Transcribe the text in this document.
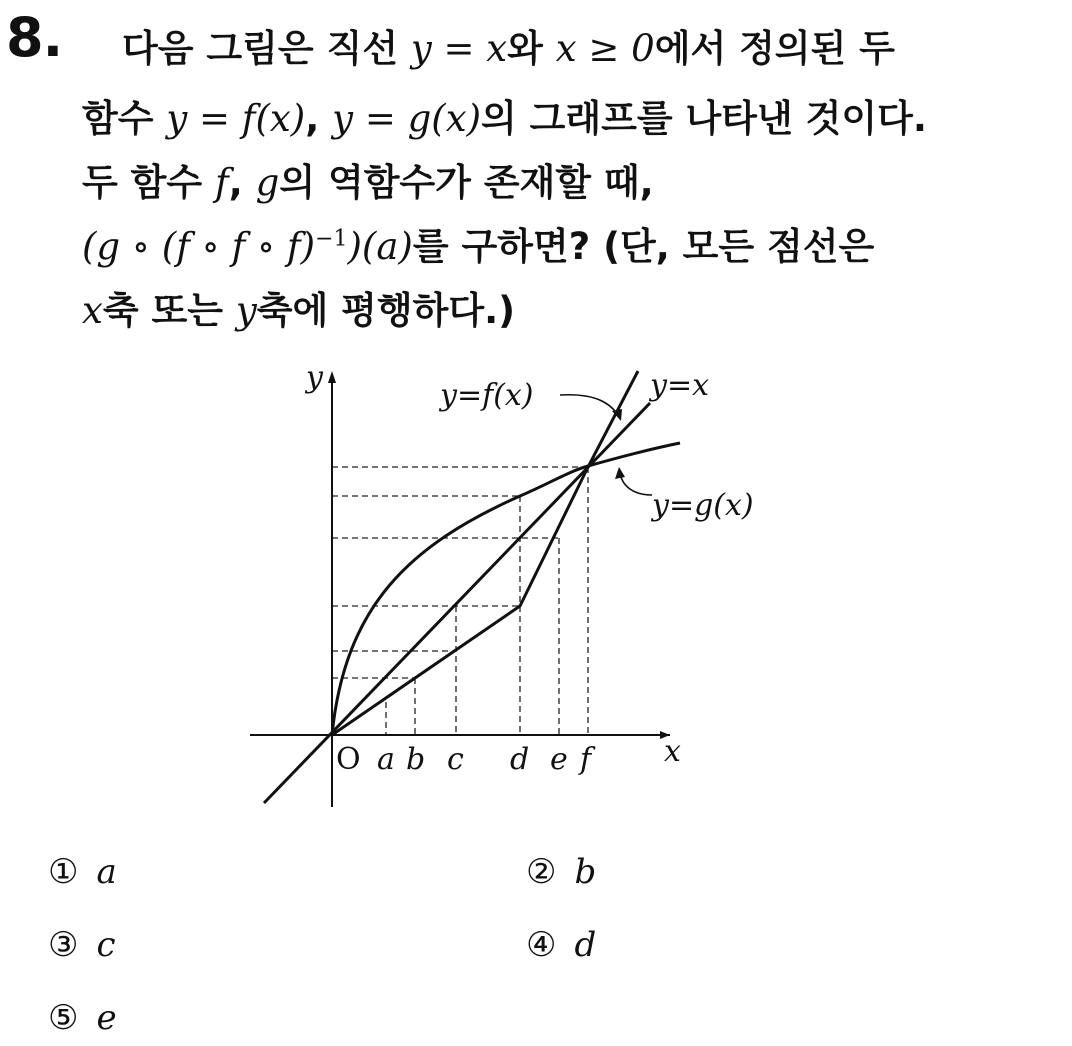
8. 다음 그림은 직선 y = x와 x ≥ 0에서 정의된 두
함수 y = f(x), y = g(x)의 그래프를 나타낸 것이다.
두 함수 f, g의 역함수가 존재할 때,
(g ∘ (f ∘ f ∘ f)$^{-1}$)(a)를 구하면? (단, 모든 점선은
x축 또는 y축에 평행하다.)
y
x
y=f(x)	y=x
y=g(x)
a b c d e f
O
① a	② b
③ c	④ d
⑤ e
